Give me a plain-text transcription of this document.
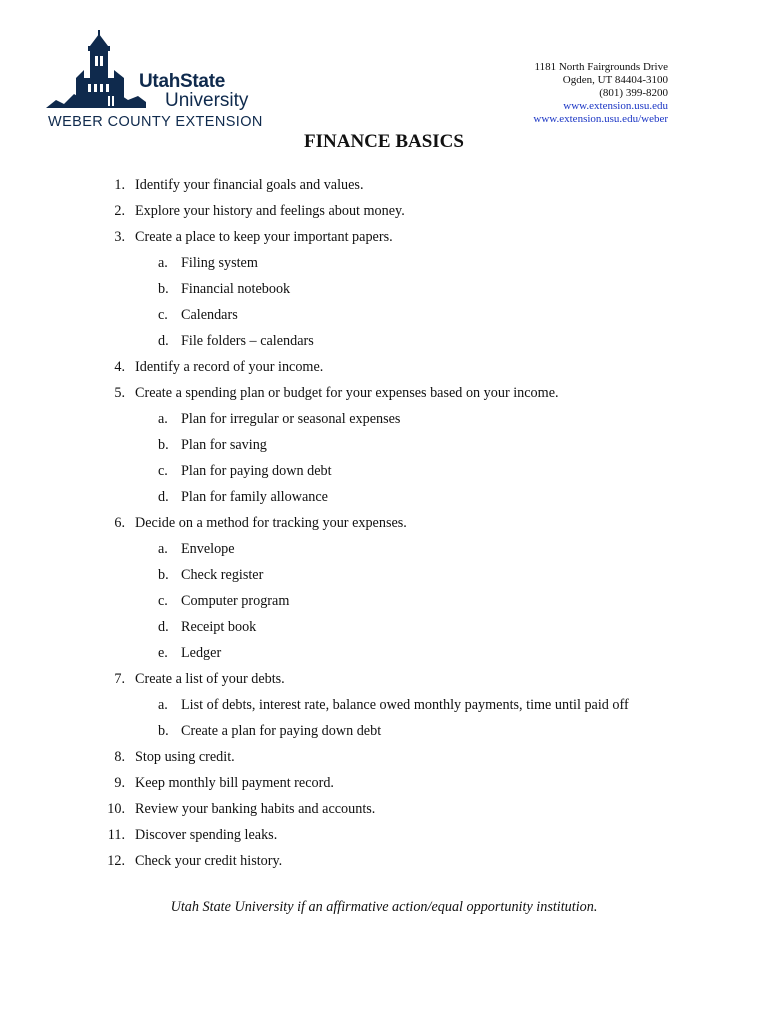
UtahState
University
WEBER COUNTY EXTENSION
1181 North Fairgrounds Drive
Ogden, UT 84404-3100
(801) 399-8200
www.extension.usu.edu
www.extension.usu.edu/weber
FINANCE BASICS
1. Identify your financial goals and values.
2. Explore your history and feelings about money.
3. Create a place to keep your important papers.
a. Filing system
b. Financial notebook
c. Calendars
d. File folders – calendars
4. Identify a record of your income.
5. Create a spending plan or budget for your expenses based on your income.
a. Plan for irregular or seasonal expenses
b. Plan for saving
c. Plan for paying down debt
d. Plan for family allowance
6. Decide on a method for tracking your expenses.
a. Envelope
b. Check register
c. Computer program
d. Receipt book
e. Ledger
7. Create a list of your debts.
a. List of debts, interest rate, balance owed monthly payments, time until paid off
b. Create a plan for paying down debt
8. Stop using credit.
9. Keep monthly bill payment record.
10. Review your banking habits and accounts.
11. Discover spending leaks.
12. Check your credit history.
Utah State University if an affirmative action/equal opportunity institution.
